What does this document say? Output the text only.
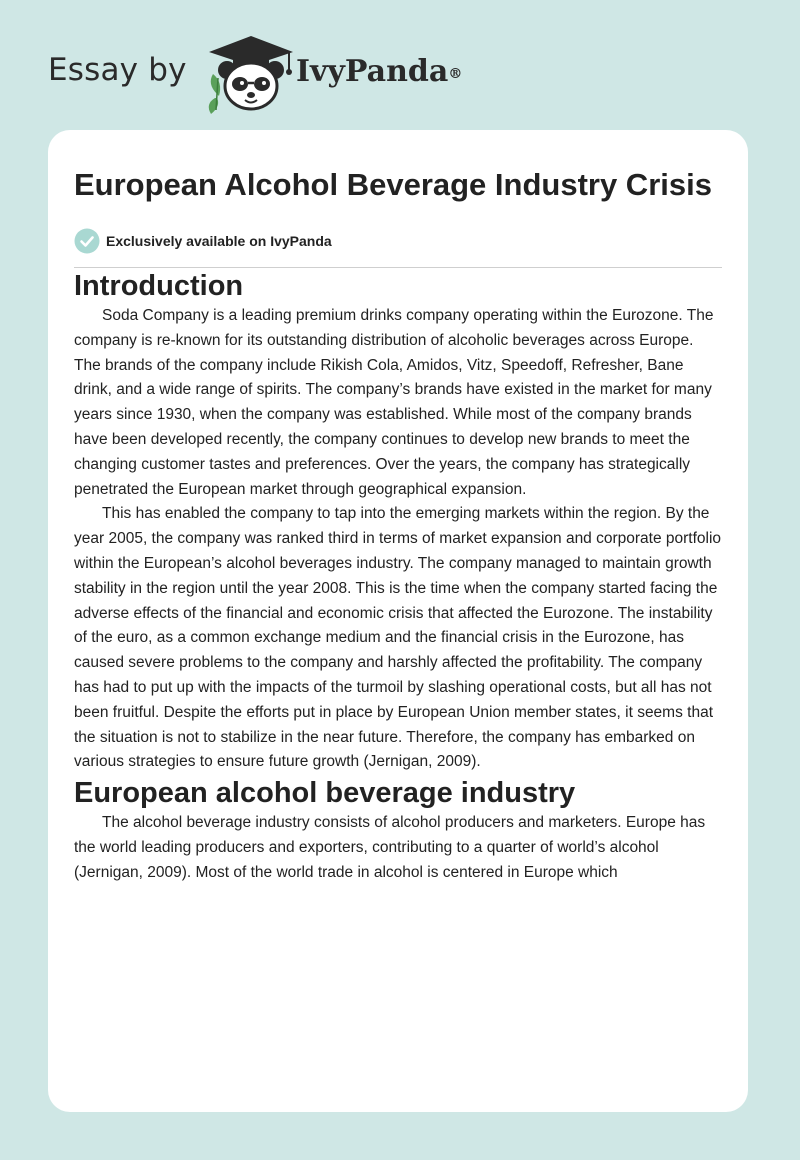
Essay by	IvyPanda®
European Alcohol Beverage Industry Crisis
Exclusively available on IvyPanda
Introduction

Soda Company is a leading premium drinks company operating within the Eurozone. The company is re-known for its outstanding distribution of alcoholic beverages across Europe. The brands of the company include Rikish Cola, Amidos, Vitz, Speedoff, Refresher, Bane drink, and a wide range of spirits. The company’s brands have existed in the market for many years since 1930, when the company was established. While most of the company brands have been developed recently, the company continues to develop new brands to meet the changing customer tastes and preferences. Over the years, the company has strategically penetrated the European market through geographical expansion.

This has enabled the company to tap into the emerging markets within the region. By the year 2005, the company was ranked third in terms of market expansion and corporate portfolio within the European’s alcohol beverages industry. The company managed to maintain growth stability in the region until the year 2008. This is the time when the company started facing the adverse effects of the financial and economic crisis that affected the Eurozone. The instability of the euro, as a common exchange medium and the financial crisis in the Eurozone, has caused severe problems to the company and harshly affected the profitability. The company has had to put up with the impacts of the turmoil by slashing operational costs, but all has not been fruitful. Despite the efforts put in place by European Union member states, it seems that the situation is not to stabilize in the near future. Therefore, the company has embarked on various strategies to ensure future growth (Jernigan, 2009).

European alcohol beverage industry

The alcohol beverage industry consists of alcohol producers and marketers. Europe has the world leading producers and exporters, contributing to a quarter of world’s alcohol (Jernigan, 2009). Most of the world trade in alcohol is centered in Europe which
